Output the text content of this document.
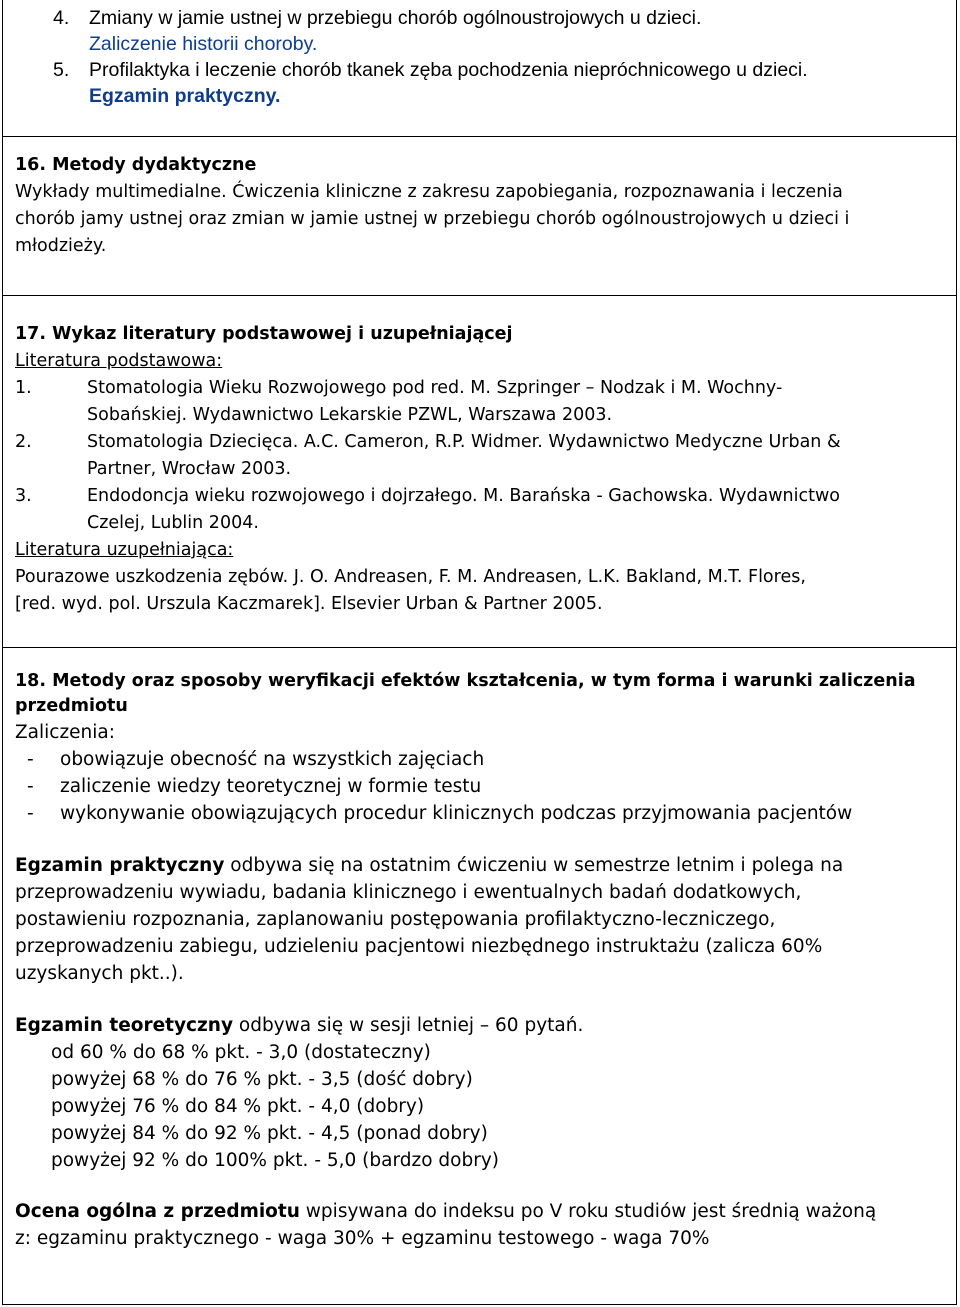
4. Zmiany w jamie ustnej w przebiegu chorób ogólnoustrojowych u dzieci.
Zaliczenie historii choroby.
5. Profilaktyka i leczenie chorób tkanek zęba pochodzenia niepróchnicowego u dzieci.
Egzamin praktyczny.
16. Metody dydaktyczne
Wykłady multimedialne. Ćwiczenia kliniczne z zakresu zapobiegania, rozpoznawania i leczenia
chorób jamy ustnej oraz zmian w jamie ustnej w przebiegu chorób ogólnoustrojowych u dzieci i
młodzieży.
17. Wykaz literatury podstawowej i uzupełniającej
Literatura podstawowa:
1.	Stomatologia Wieku Rozwojowego pod red. M. Szpringer – Nodzak i M. Wochny-
Sobańskiej. Wydawnictwo Lekarskie PZWL, Warszawa 2003.
2.	Stomatologia Dziecięca. A.C. Cameron, R.P. Widmer. Wydawnictwo Medyczne Urban &
Partner, Wrocław 2003.
3.	Endodoncja wieku rozwojowego i dojrzałego. M. Barańska - Gachowska. Wydawnictwo
Czelej, Lublin 2004.
Literatura uzupełniająca:
Pourazowe uszkodzenia zębów. J. O. Andreasen, F. M. Andreasen, L.K. Bakland, M.T. Flores,
[red. wyd. pol. Urszula Kaczmarek]. Elsevier Urban & Partner 2005.
18. Metody oraz sposoby weryfikacji efektów kształcenia, w tym forma i warunki zaliczenia
przedmiotu
Zaliczenia:
- obowiązuje obecność na wszystkich zajęciach
- zaliczenie wiedzy teoretycznej w formie testu
- wykonywanie obowiązujących procedur klinicznych podczas przyjmowania pacjentów
Egzamin praktyczny odbywa się na ostatnim ćwiczeniu w semestrze letnim i polega na
przeprowadzeniu wywiadu, badania klinicznego i ewentualnych badań dodatkowych,
postawieniu rozpoznania, zaplanowaniu postępowania profilaktyczno-leczniczego,
przeprowadzeniu zabiegu, udzieleniu pacjentowi niezbędnego instruktażu (zalicza 60%
uzyskanych pkt..).
Egzamin teoretyczny odbywa się w sesji letniej – 60 pytań.
od 60 % do 68 % pkt. - 3,0 (dostateczny)
powyżej 68 % do 76 % pkt. - 3,5 (dość dobry)
powyżej 76 % do 84 % pkt. - 4,0 (dobry)
powyżej 84 % do 92 % pkt. - 4,5 (ponad dobry)
powyżej 92 % do 100% pkt. - 5,0 (bardzo dobry)
Ocena ogólna z przedmiotu wpisywana do indeksu po V roku studiów jest średnią ważoną
z: egzaminu praktycznego - waga 30% + egzaminu testowego - waga 70%
